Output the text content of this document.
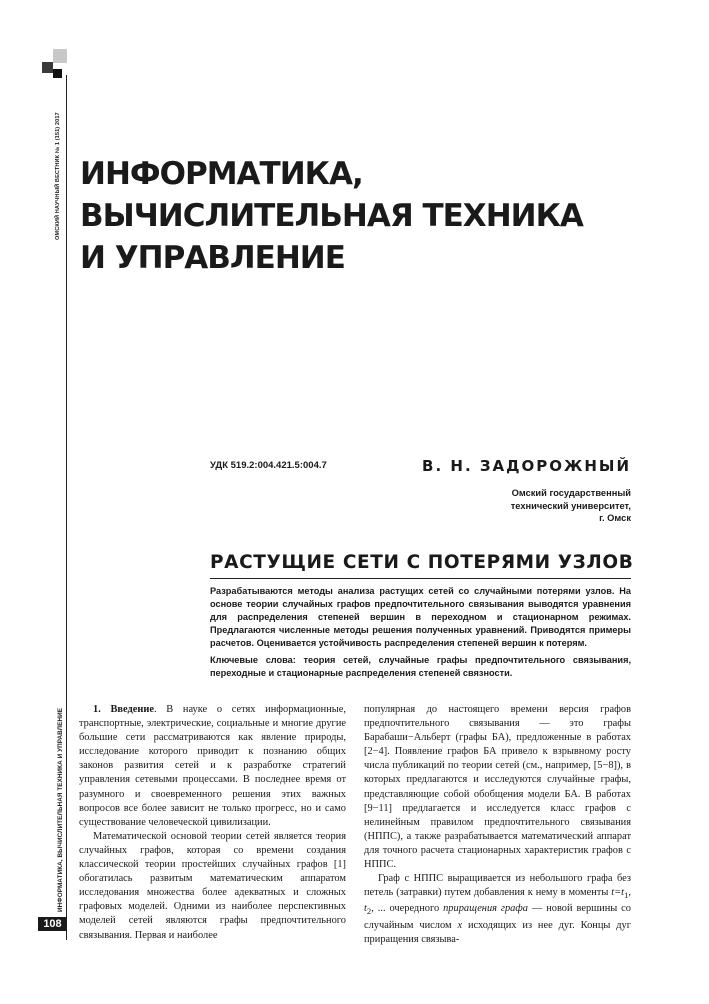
ОМСКИЙ НАУЧНЫЙ ВЕСТНИК № 1 (151) 2017
ИНФОРМАТИКА, ВЫЧИСЛИТЕЛЬНАЯ ТЕХНИКА И УПРАВЛЕНИЕ
108
ИНФОРМАТИКА,
ВЫЧИСЛИТЕЛЬНАЯ ТЕХНИКА
И УПРАВЛЕНИЕ
УДК 519.2:004.421.5:004.7	В. Н. ЗАДОРОЖНЫЙ
Омский государственный
технический университет,
г. Омск
РАСТУЩИЕ СЕТИ С ПОТЕРЯМИ УЗЛОВ

Разрабатываются методы анализа растущих сетей со случайными потерями узлов. На основе теории случайных графов предпочтительного связывания выводятся уравнения для распределения степеней вершин в переходном и стационарном режимах. Предлагаются численные методы решения полученных уравнений. Приводятся примеры расчетов. Оценивается устойчивость распределения степеней вершин к потерям.

Ключевые слова: теория сетей, случайные графы предпочтительного связывания, переходные и стационарные распределения степеней связности.

1. Введение. В науке о сетях информационные, транспортные, электрические, социальные и многие другие большие сети рассматриваются как явление природы, исследование которого приводит к познанию общих законов развития сетей и к разработке стратегий управления сетевыми процессами. В последнее время от разумного и своевременного решения этих важных вопросов все более зависит не только прогресс, но и само существование человеческой цивилизации.

Математической основой теории сетей является теория случайных графов, которая со времени создания классической теории простейших случайных графов [1] обогатилась развитым математическим аппаратом исследования множества более адекватных и сложных графовых моделей. Одними из наиболее перспективных моделей сетей являются графы предпочтительного связывания. Первая и наиболее

популярная до настоящего времени версия графов предпочтительного связывания — это графы Барабаши−Альберт (графы БА), предложенные в работах [2−4]. Появление графов БА привело к взрывному росту числа публикаций по теории сетей (см., например, [5−8]), в которых предлагаются и исследуются случайные графы, представляющие собой обобщения модели БА. В работах [9−11] предлагается и исследуется класс графов с нелинейным правилом предпочтительного связывания (НППС), а также разрабатывается математический аппарат для точного расчета стационарных характеристик графов с НППС.

Граф с НППС выращивается из небольшого графа без петель (затравки) путем добавления к нему в моменты $t=t_1$, $t_2$, ... очередного приращения графа — новой вершины со случайным числом x исходящих из нее дуг. Концы дуг приращения связыва-
